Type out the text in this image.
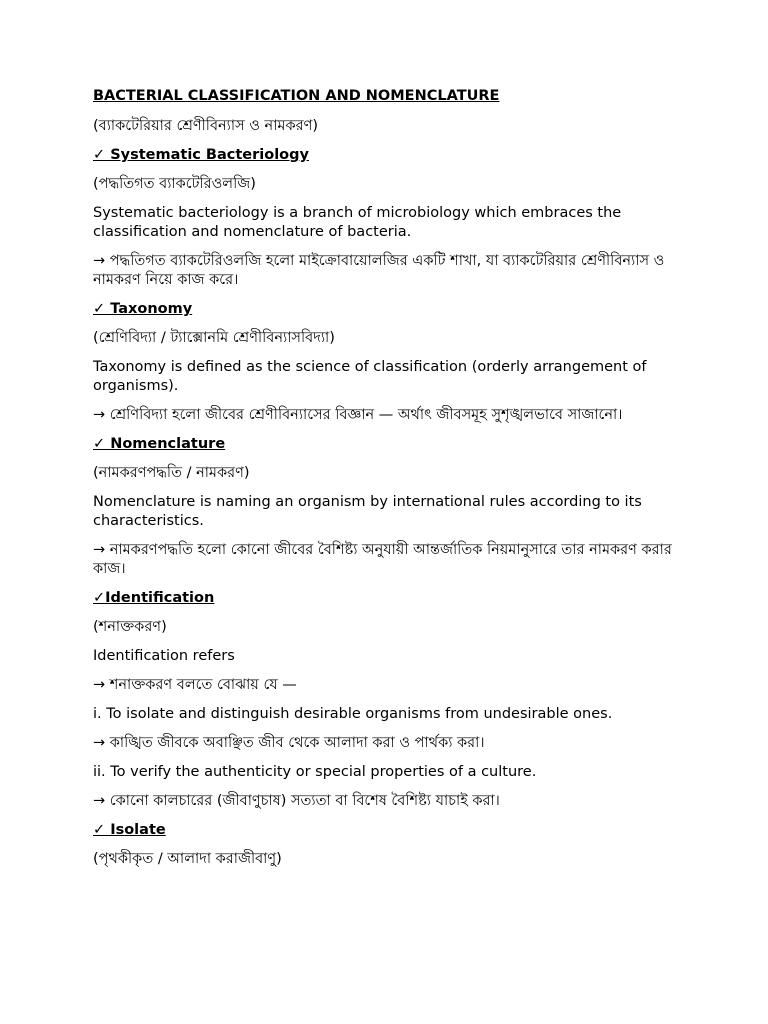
BACTERIAL CLASSIFICATION AND NOMENCLATURE
(ব্যাকটেরিয়ার শ্রেণীবিন্যাস ও নামকরণ)
✓ Systematic Bacteriology
(পদ্ধতিগত ব্যাকটেরিওলজি)
Systematic bacteriology is a branch of microbiology which embraces the classification and nomenclature of bacteria.
→ পদ্ধতিগত ব্যাকটেরিওলজি হলো মাইক্রোবায়োলজির একটি শাখা, যা ব্যাকটেরিয়ার শ্রেণীবিন্যাস ও নামকরণ নিয়ে কাজ করে।
✓ Taxonomy
(শ্রেণিবিদ্যা / ট্যাক্সোনমি শ্রেণীবিন্যাসবিদ্যা)
Taxonomy is defined as the science of classification (orderly arrangement of organisms).
→ শ্রেণিবিদ্যা হলো জীবের শ্রেণীবিন্যাসের বিজ্ঞান — অর্থাৎ জীবসমূহ সুশৃঙ্খলভাবে সাজানো।
✓ Nomenclature
(নামকরণপদ্ধতি / নামকরণ)
Nomenclature is naming an organism by international rules according to its characteristics.
→ নামকরণপদ্ধতি হলো কোনো জীবের বৈশিষ্ট্য অনুযায়ী আন্তর্জাতিক নিয়মানুসারে তার নামকরণ করার কাজ।
✓Identification
(শনাক্তকরণ)
Identification refers
→ শনাক্তকরণ বলতে বোঝায় যে —
i. To isolate and distinguish desirable organisms from undesirable ones.
→ কাঙ্খিত জীবকে অবাঞ্ছিত জীব থেকে আলাদা করা ও পার্থক্য করা।
ii. To verify the authenticity or special properties of a culture.
→ কোনো কালচারের (জীবাণুচাষ) সত্যতা বা বিশেষ বৈশিষ্ট্য যাচাই করা।
✓ Isolate
(পৃথকীকৃত / আলাদা করাজীবাণু)
